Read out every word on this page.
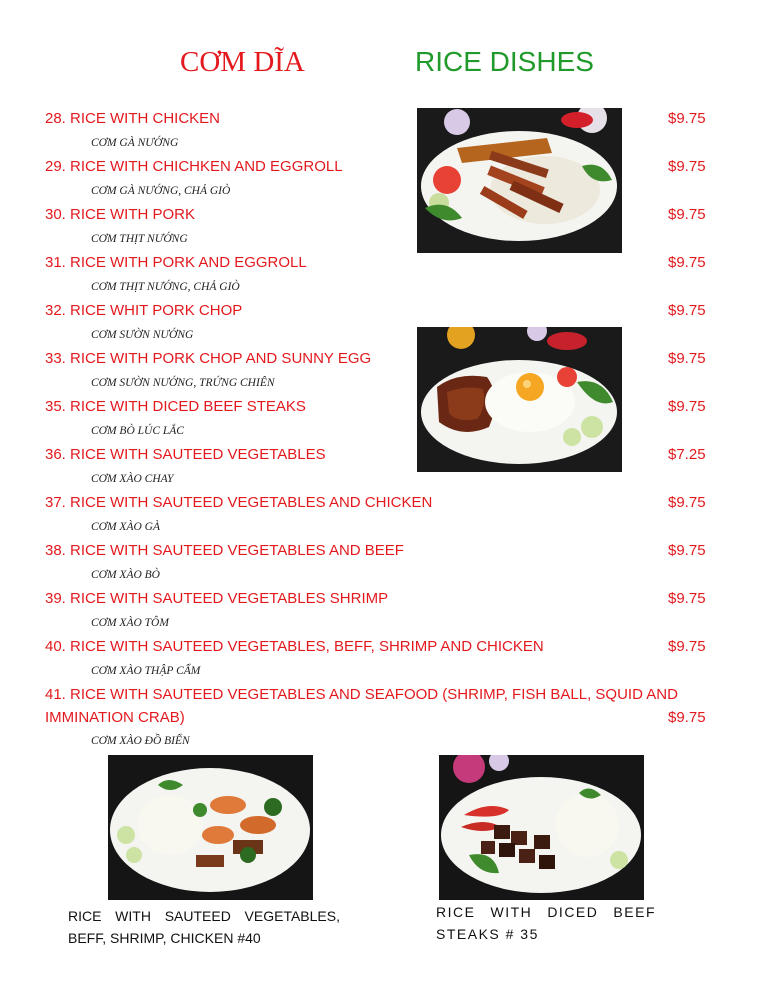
CƠM DĨA	RICE DISHES
28. RICE WITH CHICKEN	$9.75
CƠM GÀ NƯỚNG
29. RICE WITH CHICHKEN AND EGGROLL	$9.75
CƠM GÀ NƯỚNG, CHẢ GIÒ
30. RICE WITH PORK	$9.75
CƠM THỊT NƯỚNG
31. RICE WITH PORK AND EGGROLL	$9.75
CƠM THỊT NƯỚNG, CHẢ GIÒ
32. RICE WHIT PORK CHOP	$9.75
CƠM SƯỜN NƯỚNG
33. RICE WITH PORK CHOP AND SUNNY EGG	$9.75
CƠM SƯỜN NƯỚNG, TRỨNG CHIÊN
35. RICE WITH DICED BEEF STEAKS	$9.75
CƠM BÒ LÚC LẮC
36. RICE WITH SAUTEED VEGETABLES	$7.25
CƠM XÀO CHAY
37. RICE WITH SAUTEED VEGETABLES AND CHICKEN	$9.75
CƠM XÀO GÀ
38. RICE WITH SAUTEED VEGETABLES AND BEEF	$9.75
CƠM XÀO BÒ
39. RICE WITH SAUTEED VEGETABLES SHRIMP	$9.75
CƠM XÀO TÔM
40. RICE WITH SAUTEED VEGETABLES, BEFF, SHRIMP AND CHICKEN	$9.75
CƠM XÀO THẬP CẨM
41. RICE WITH SAUTEED VEGETABLES AND SEAFOOD (SHRIMP, FISH BALL, SQUID AND IMMINATION CRAB)	$9.75
CƠM XÀO ĐỒ BIỂN
RICE WITH SAUTEED VEGETABLES, BEFF, SHRIMP, CHICKEN #40
RICE WITH DICED BEEF STEAKS # 35
